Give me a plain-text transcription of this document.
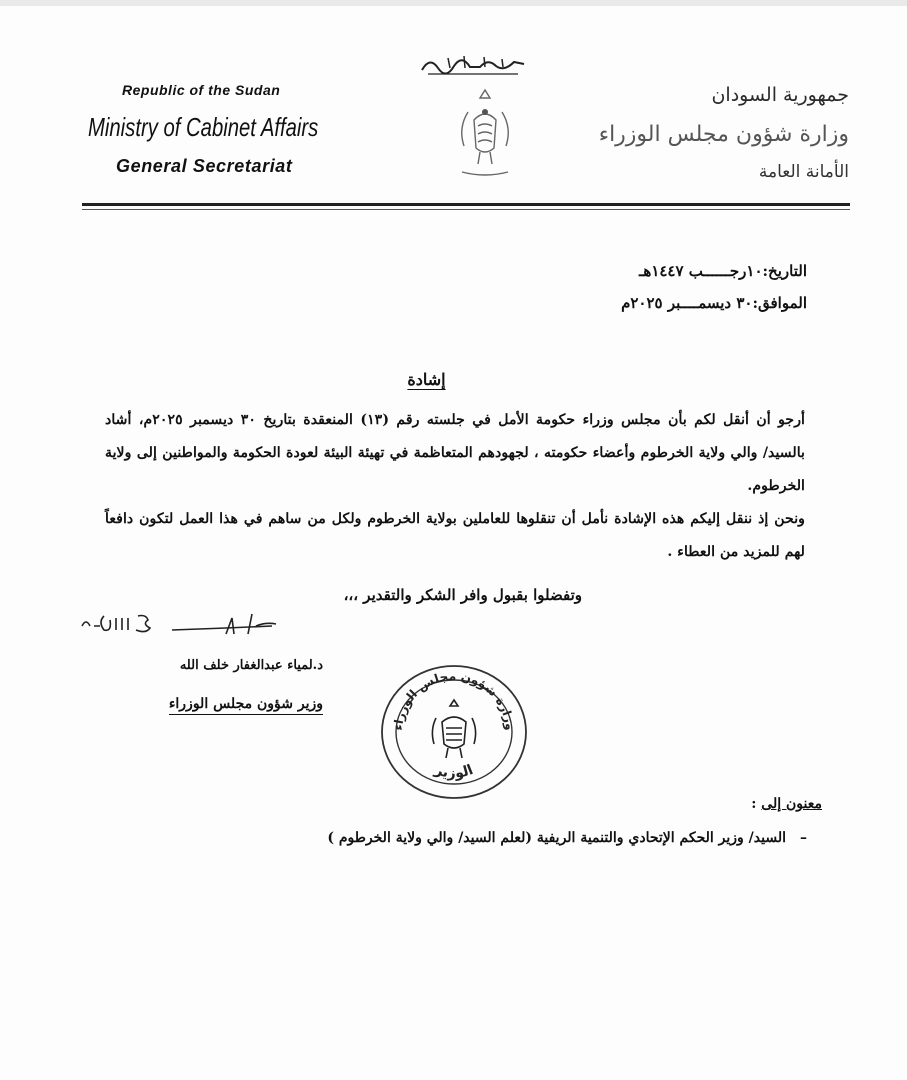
Republic of the Sudan
Ministry of Cabinet Affairs
General Secretariat
جمهورية السودان
وزارة شؤون مجلس الوزراء
الأمانة العامة
التاريخ:١٠رجــــــب ١٤٤٧هـ
الموافق:٣٠ ديسمــــبر ٢٠٢٥م
إشادة

أرجو أن أنقل لكم بأن مجلس وزراء حكومة الأمل في جلسته رقم (١٣) المنعقدة بتاريخ ٣٠ ديسمبر ٢٠٢٥م، أشاد بالسيد/ والي ولاية الخرطوم وأعضاء حكومته ، لجهودهم المتعاظمة في تهيئة البيئة لعودة الحكومة والمواطنين إلى ولاية الخرطوم.

ونحن إذ ننقل إليكم هذه الإشادة نأمل أن تنقلوها للعاملين بولاية الخرطوم ولكل من ساهم في هذا العمل لتكون دافعاً لهم للمزيد من العطاء .

وتفضلوا بقبول وافر الشكر والتقدير ،،،
د.لمياء عبدالغفار خلف الله
وزير شؤون مجلس الوزراء
وزارة شؤون مجلس الوزراء
الوزير
معنون إلى :
–السيد/ وزير الحكم الإتحادي والتنمية الريفية (لعلم السيد/ والي ولاية الخرطوم )
